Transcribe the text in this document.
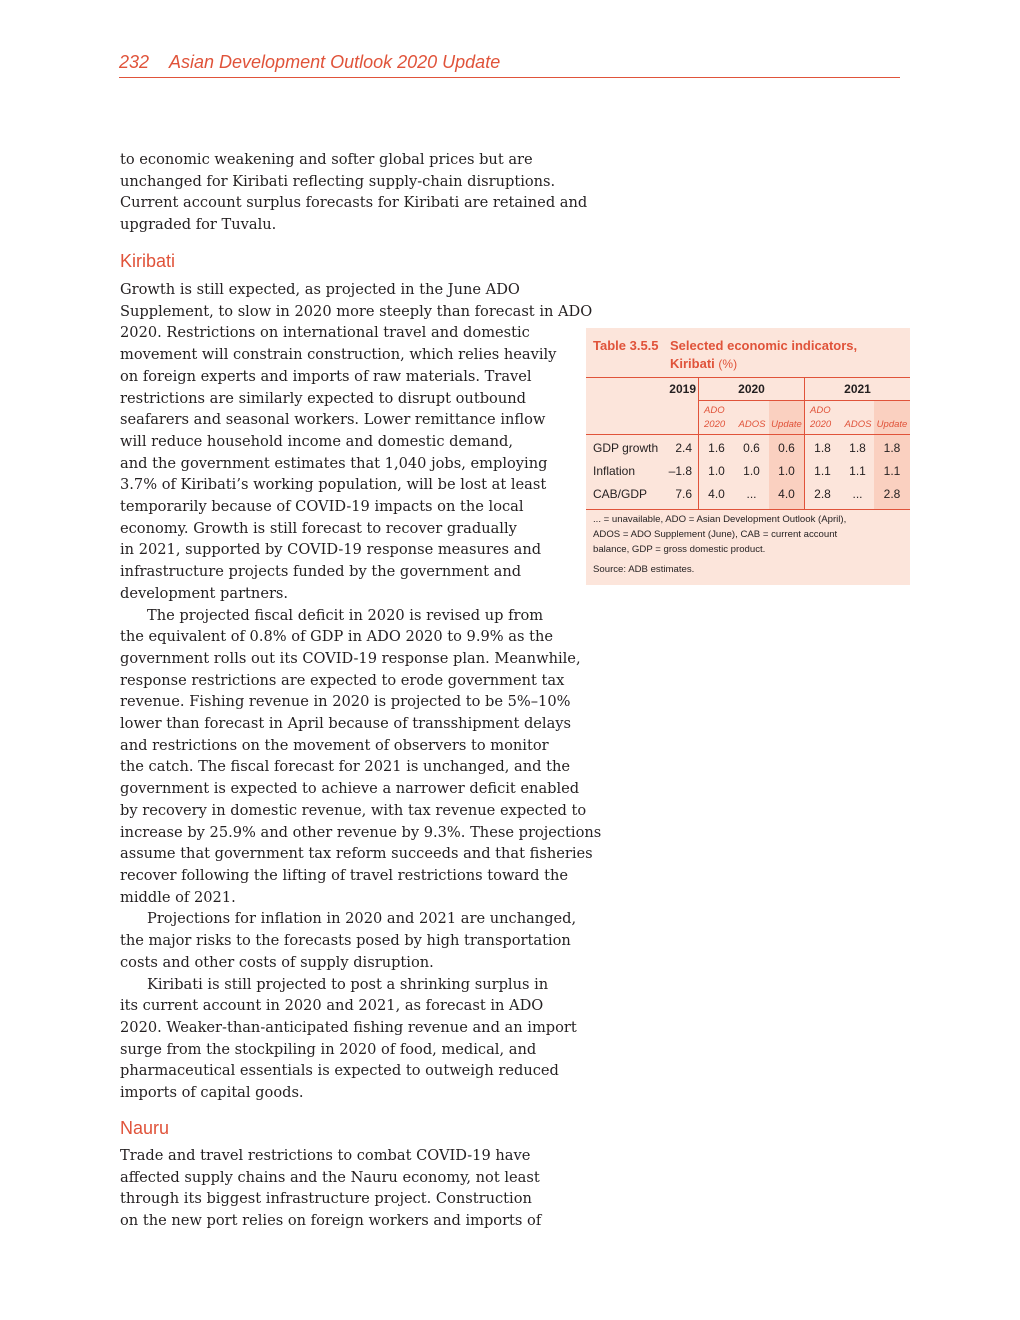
232 Asian Development Outlook 2020 Update
to economic weakening and softer global prices but are
unchanged for Kiribati reflecting supply-chain disruptions.
Current account surplus forecasts for Kiribati are retained and
upgraded for Tuvalu.
Kiribati

Growth is still expected, as projected in the June ADO
Supplement, to slow in 2020 more steeply than forecast in ADO
2020. Restrictions on international travel and domestic
movement will constrain construction, which relies heavily
on foreign experts and imports of raw materials. Travel
restrictions are similarly expected to disrupt outbound
seafarers and seasonal workers. Lower remittance inflow
will reduce household income and domestic demand,
and the government estimates that 1,040 jobs, employing
3.7% of Kiribati’s working population, will be lost at least
temporarily because of COVID-19 impacts on the local
economy. Growth is still forecast to recover gradually
in 2021, supported by COVID-19 response measures and
infrastructure projects funded by the government and
development partners.

The projected fiscal deficit in 2020 is revised up from
the equivalent of 0.8% of GDP in ADO 2020 to 9.9% as the
government rolls out its COVID-19 response plan. Meanwhile,
response restrictions are expected to erode government tax
revenue. Fishing revenue in 2020 is projected to be 5%–10%
lower than forecast in April because of transshipment delays
and restrictions on the movement of observers to monitor
the catch. The fiscal forecast for 2021 is unchanged, and the
government is expected to achieve a narrower deficit enabled
by recovery in domestic revenue, with tax revenue expected to
increase by 25.9% and other revenue by 9.3%. These projections
assume that government tax reform succeeds and that fisheries
recover following the lifting of travel restrictions toward the
middle of 2021.

Projections for inflation in 2020 and 2021 are unchanged,
the major risks to the forecasts posed by high transportation
costs and other costs of supply disruption.

Kiribati is still projected to post a shrinking surplus in
its current account in 2020 and 2021, as forecast in ADO
2020. Weaker-than-anticipated fishing revenue and an import
surge from the stockpiling in 2020 of food, medical, and
pharmaceutical essentials is expected to outweigh reduced
imports of capital goods.

Nauru
Trade and travel restrictions to combat COVID-19 have
affected supply chains and the Nauru economy, not least
through its biggest infrastructure project. Construction
on the new port relies on foreign workers and imports of
Table 3.5.5 Selected economic indicators,
Kiribati (%)
2019	2020	2021
ADO
2020	ADOS Update
ADO
2020	ADOS Update
GDP growth	2.4	1.6	0.6	0.6	1.8	1.8	1.8
Inflation	–1.8	1.0	1.0	1.0	1.1	1.1	1.1
CAB/GDP	7.6	4.0	...	4.0	2.8	...	2.8
... = unavailable, ADO = Asian Development Outlook (April),
ADOS = ADO Supplement (June), CAB = current account
balance, GDP = gross domestic product.
Source: ADB estimates.
